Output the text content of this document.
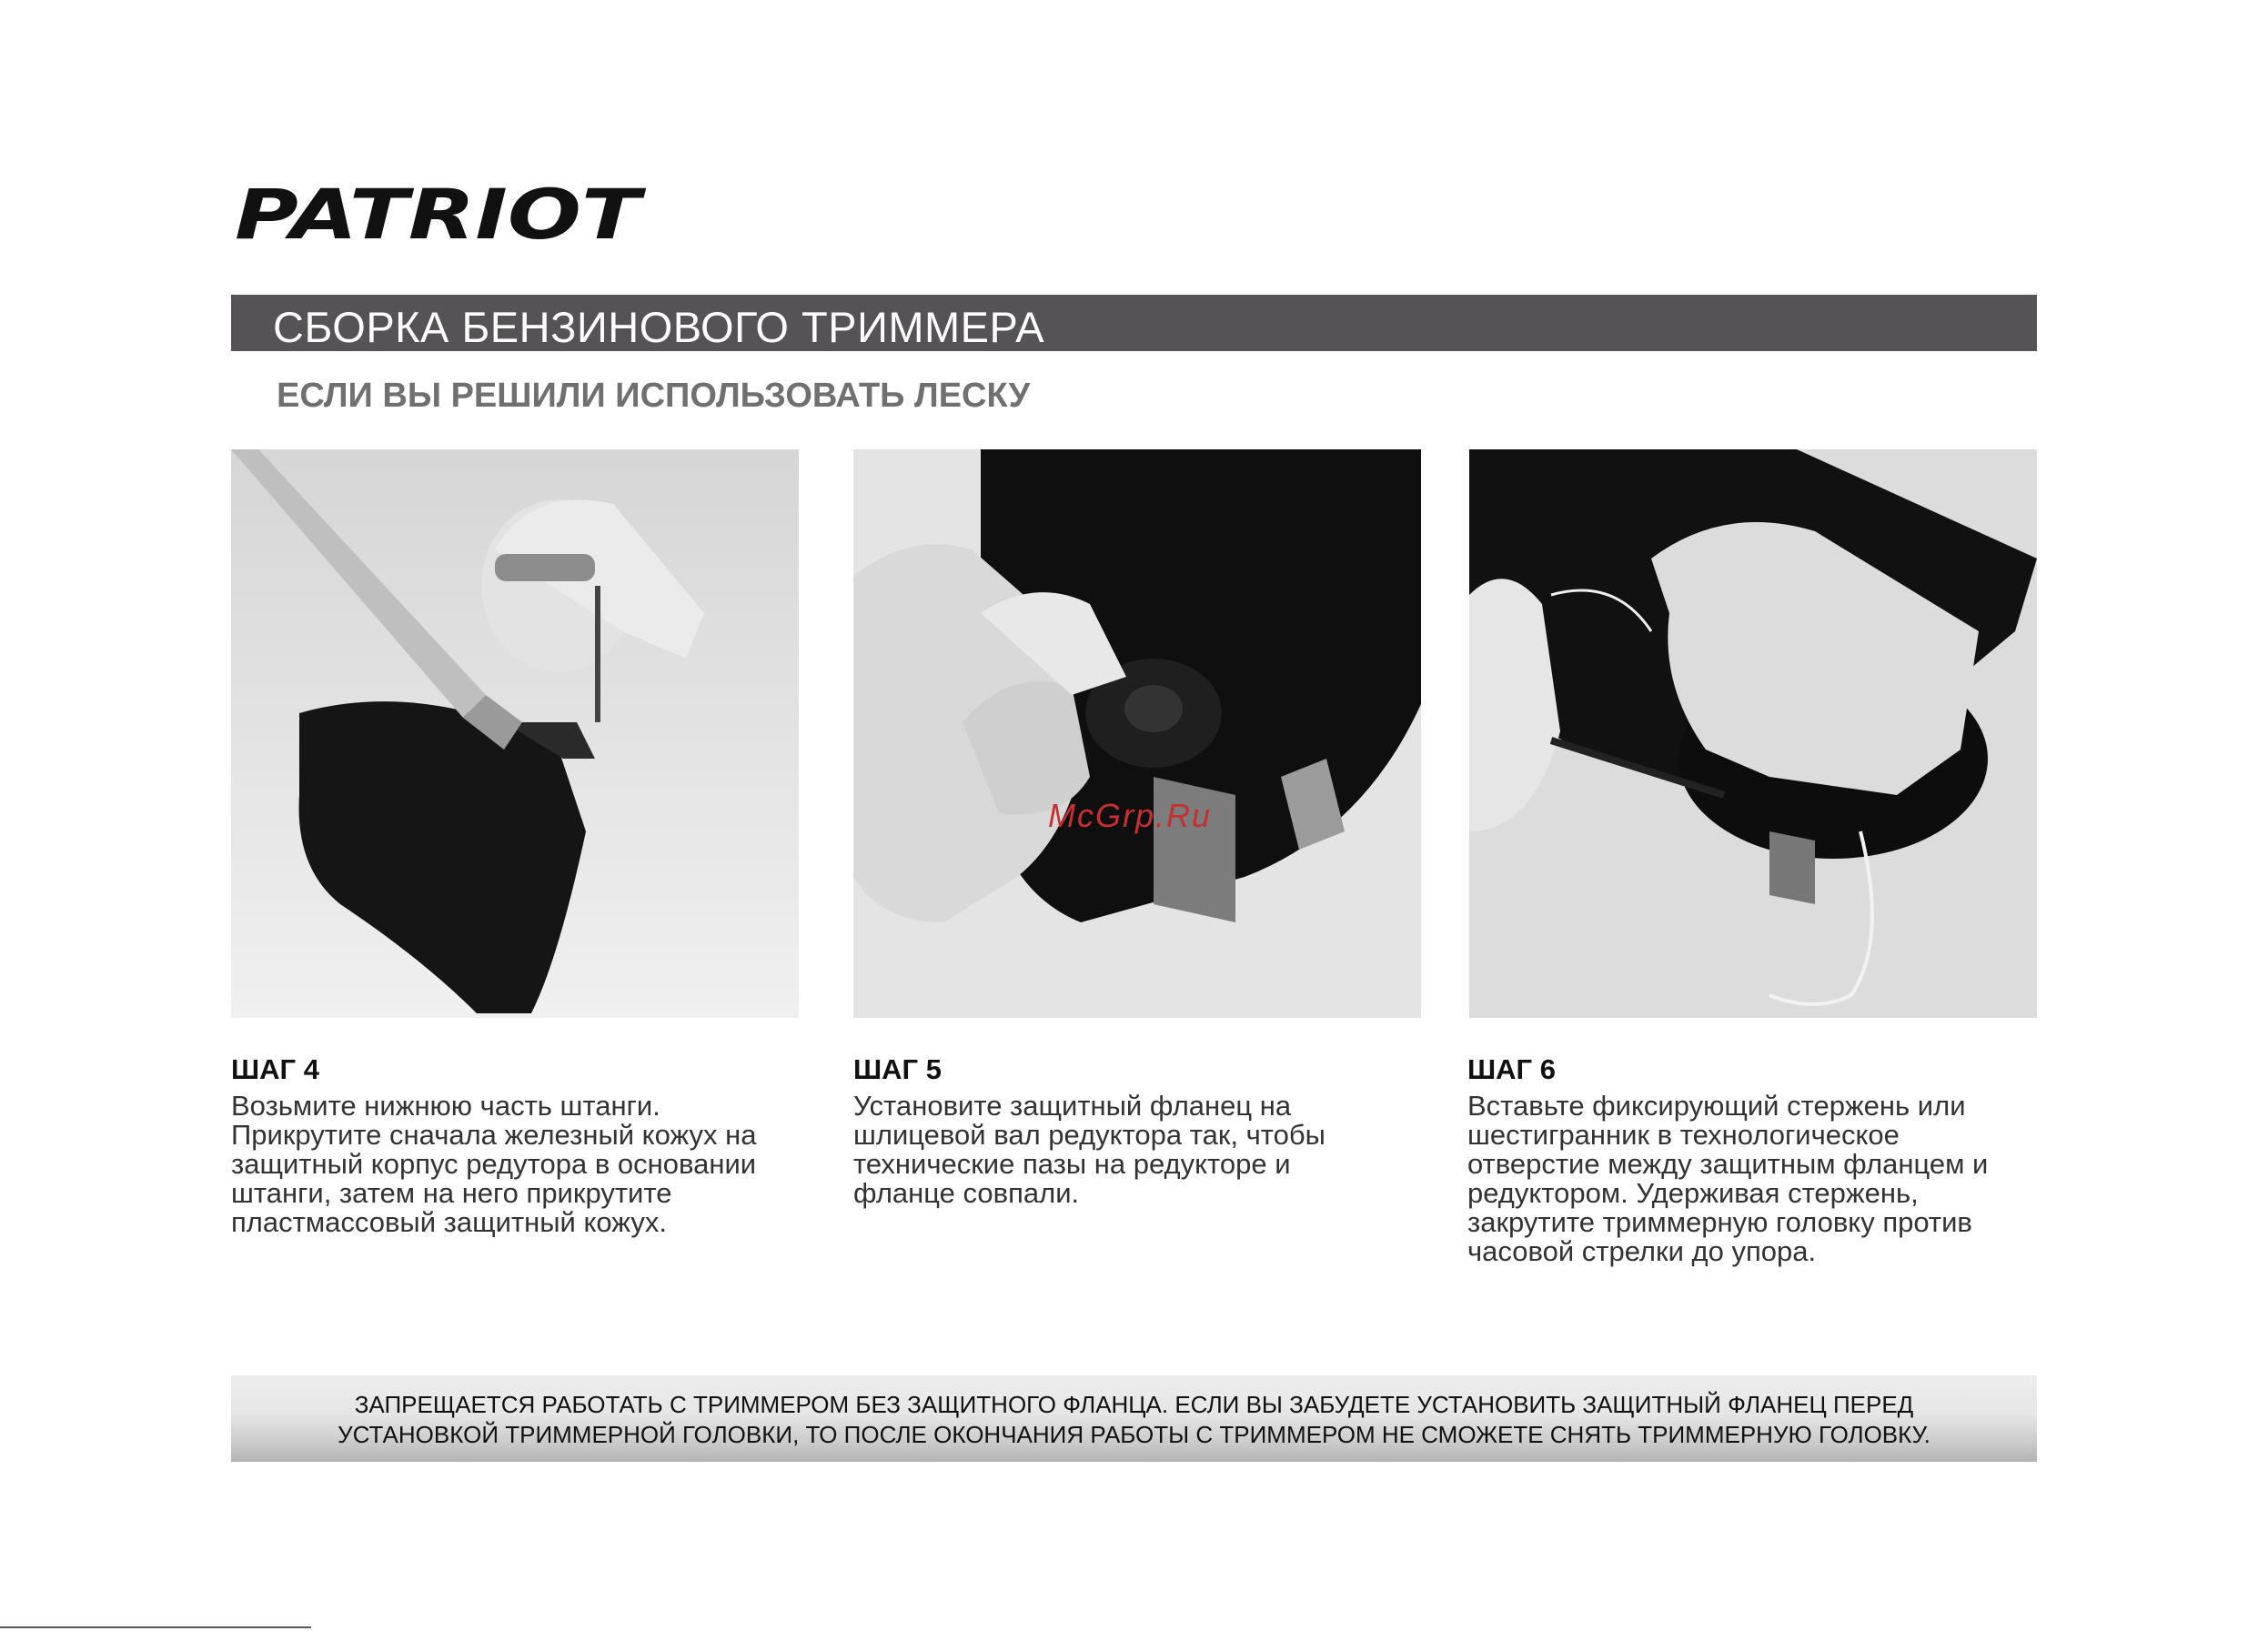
PATRIOT
СБОРКА БЕНЗИНОВОГО ТРИММЕРА
ЕСЛИ ВЫ РЕШИЛИ ИСПОЛЬЗОВАТЬ ЛЕСКУ
McGrp.Ru
ШАГ 4
Возьмите нижнюю часть штанги.
Прикрутите сначала железный кожух на
защитный корпус редутора в основании
штанги, затем на него прикрутите
пластмассовый защитный кожух.
ШАГ 5
Установите защитный фланец на
шлицевой вал редуктора так, чтобы
технические пазы на редукторе и
фланце совпали.
ШАГ 6
Вставьте фиксирующий стержень или
шестигранник в технологическое
отверстие между защитным фланцем и
редуктором. Удерживая стержень,
закрутите триммерную головку против
часовой стрелки до упора.
ЗАПРЕЩАЕТСЯ РАБОТАТЬ С ТРИММЕРОМ БЕЗ ЗАЩИТНОГО ФЛАНЦА. ЕСЛИ ВЫ ЗАБУДЕТЕ УСТАНОВИТЬ ЗАЩИТНЫЙ ФЛАНЕЦ ПЕРЕД
УСТАНОВКОЙ ТРИММЕРНОЙ ГОЛОВКИ, ТО ПОСЛЕ ОКОНЧАНИЯ РАБОТЫ С ТРИММЕРОМ НЕ СМОЖЕТЕ СНЯТЬ ТРИММЕРНУЮ ГОЛОВКУ.
